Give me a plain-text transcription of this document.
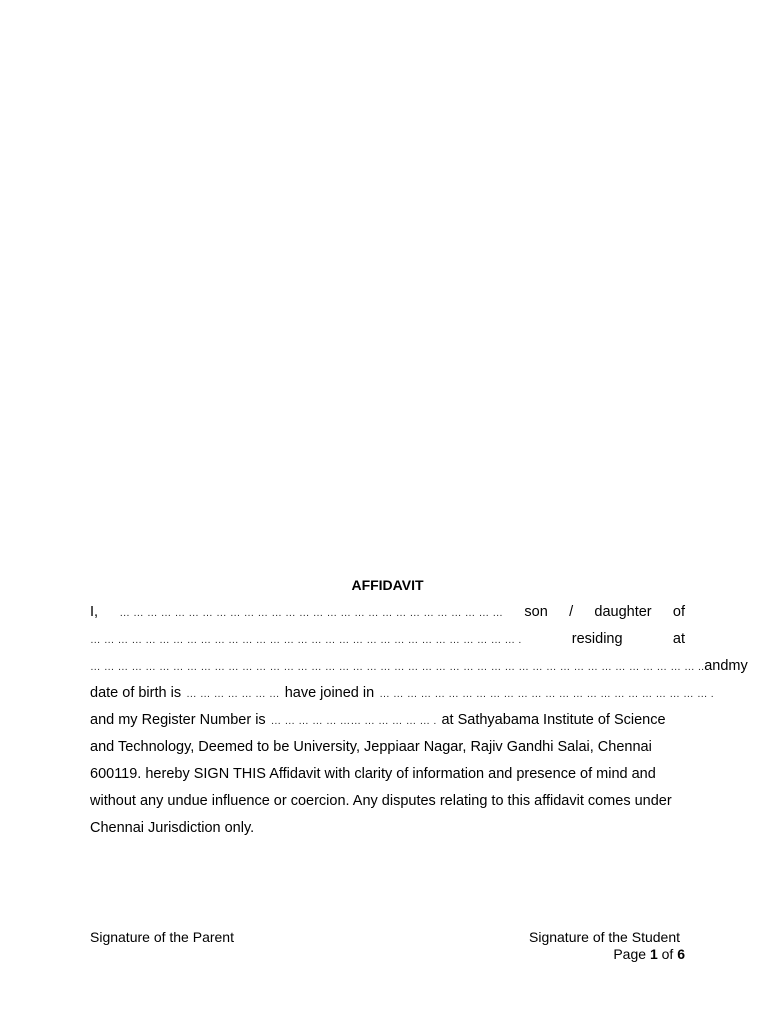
AFFIDAVIT
I, … … … … … … … … … … … … … … … … … … … … … … … … … … … … son / daughter of
… … … … … … … … … … … … … … … … … … … … … … … … … … … … … … … .	residing	at
… … … … … … … … … … … … … … … … … … … … … … … … … … … … … … … … … … … … … … … … … … … … .. and my
date of birth is … … … … … … … have joined in … … … … … … … … … … … … … … … … … … … … … … … … .
and my Register Number is … … … … … …… … … … … … . at Sathyabama Institute of Science
and Technology, Deemed to be University, Jeppiaar Nagar, Rajiv Gandhi Salai, Chennai 600119. hereby SIGN THIS Affidavit with clarity of information and presence of mind and without any undue influence or coercion. Any disputes relating to this affidavit comes under Chennai Jurisdiction only.
Signature of the Parent	Signature of the Student
Page 1 of 6
